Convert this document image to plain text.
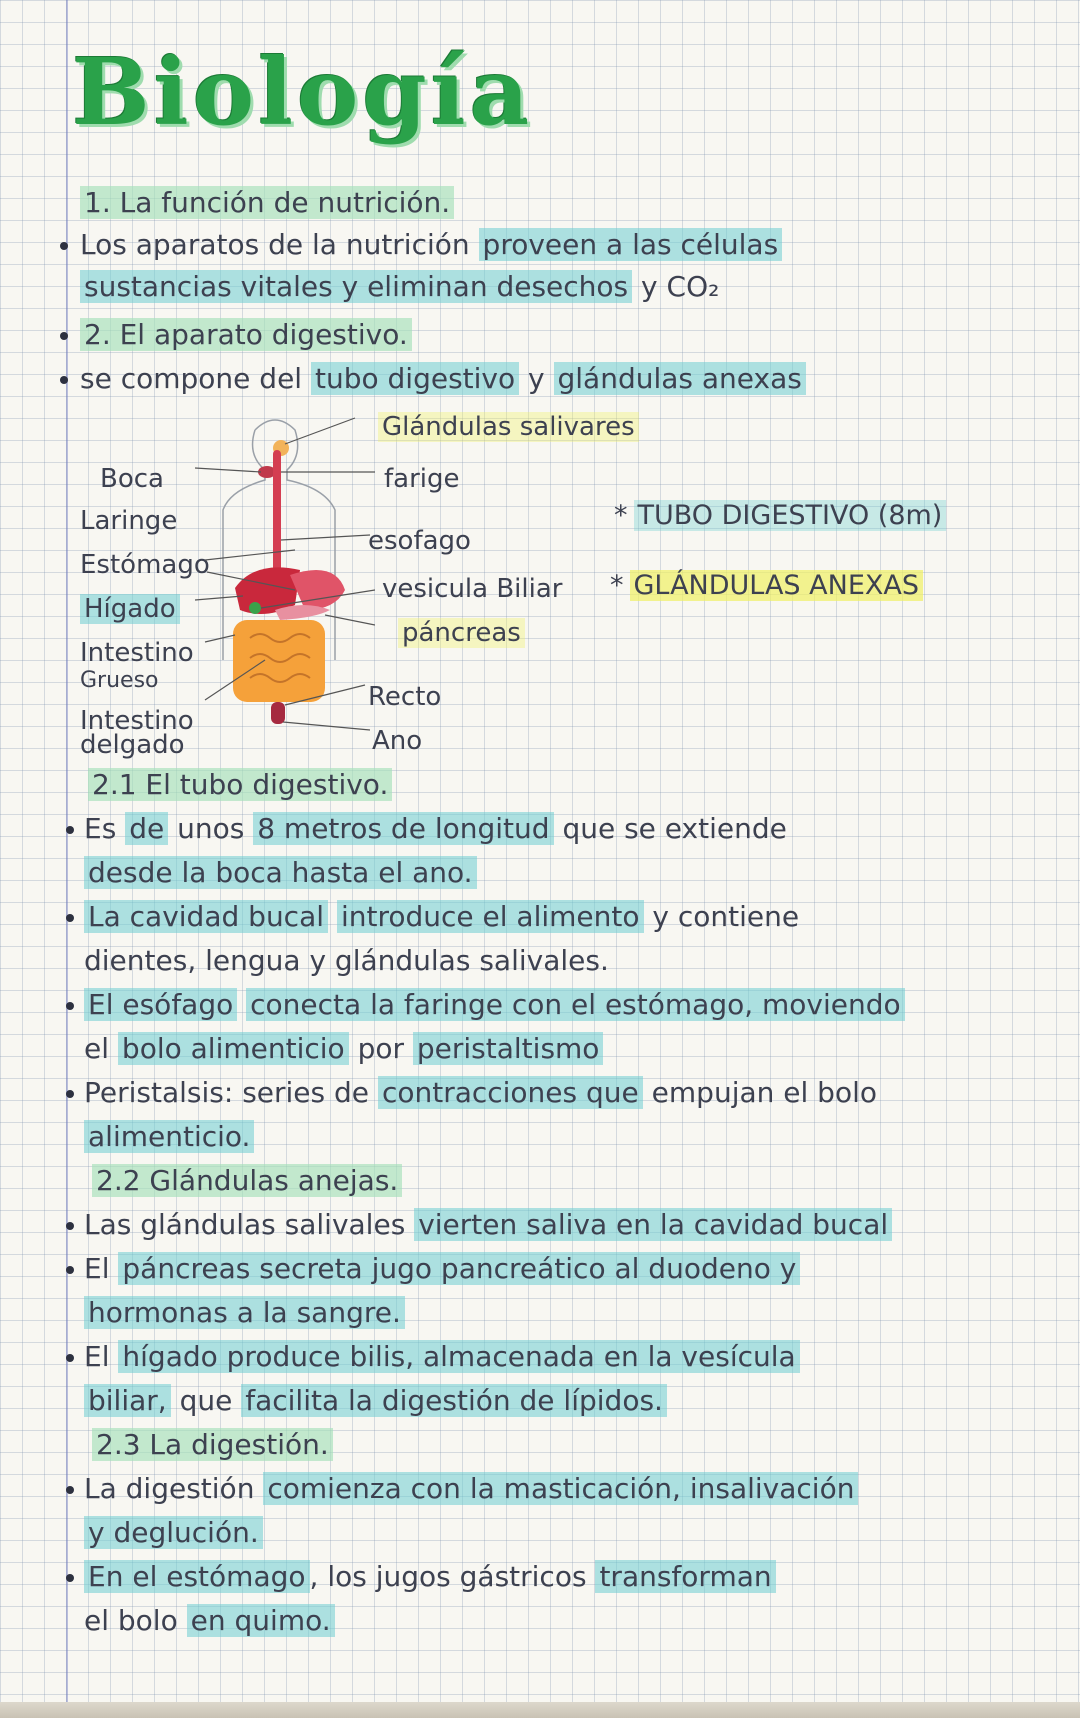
Biología
1. La función de nutrición.
Los aparatos de la nutrición proveen a las células
sustancias vitales y eliminan desechos y CO₂
2. El aparato digestivo.
se compone del tubo digestivo y glándulas anexas
Boca
Laringe
Estómago
Hígado
Intestino
Grueso
Intestino
delgado
Glándulas salivares
farige
esofago
vesicula Biliar
páncreas
Recto
Ano
* TUBO DIGESTIVO (8m)
* GLÁNDULAS ANEXAS
2.1 El tubo digestivo.
Es de unos 8 metros de longitud que se extiende
desde la boca hasta el ano.
La cavidad bucal introduce el alimento y contiene
dientes, lengua y glándulas salivales.
El esófago conecta la faringe con el estómago, moviendo
el bolo alimenticio por peristaltismo
Peristalsis: series de contracciones que empujan el bolo
alimenticio.
2.2 Glándulas anejas.
Las glándulas salivales vierten saliva en la cavidad bucal
El páncreas secreta jugo pancreático al duodeno y
hormonas a la sangre.
El hígado produce bilis, almacenada en la vesícula
biliar, que facilita la digestión de lípidos.
2.3 La digestión.
La digestión comienza con la masticación, insalivación
y deglución.
En el estómago , los jugos gástricos transforman
el bolo en quimo.
